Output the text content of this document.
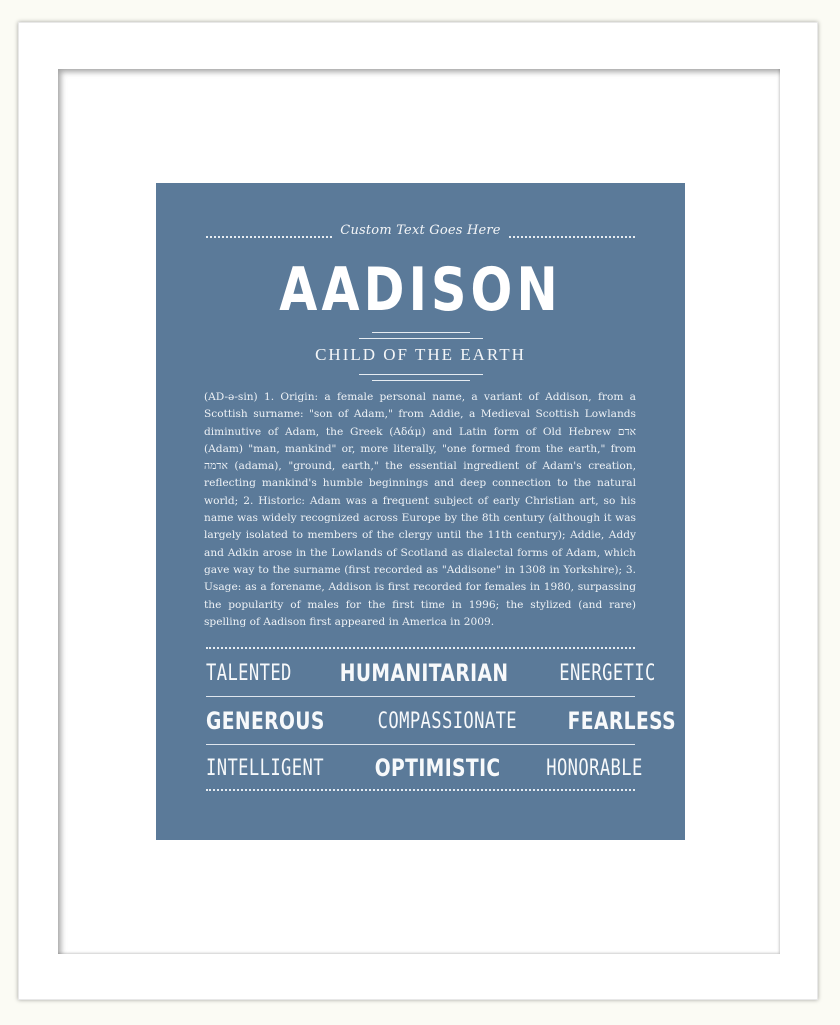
Custom Text Goes Here
AADISON
CHILD OF THE EARTH

(AD-ə-sin) 1. Origin: a female personal name, a variant of Addison, from a Scottish surname: "son of Adam," from Addie, a Medieval Scottish Lowlands diminutive of Adam, the Greek (Αδάμ) and Latin form of Old Hebrew אדם (Adam) "man, mankind" or, more literally, "one formed from the earth," from אדמה (adama), "ground, earth," the essential ingredient of Adam's creation, reflecting mankind's humble beginnings and deep connection to the natural world; 2. Historic: Adam was a frequent subject of early Christian art, so his name was widely recognized across Europe by the 8th century (although it was largely isolated to members of the clergy until the 11th century); Addie, Addy and Adkin arose in the Lowlands of Scotland as dialectal forms of Adam, which gave way to the surname (first recorded as "Addisone" in 1308 in Yorkshire); 3. Usage: as a forename, Addison is first recorded for females in 1980, surpassing the popularity of males for the first time in 1996; the stylized (and rare) spelling of Aadison first appeared in America in 2009.

TALENTED HUMANITARIAN ENERGETIC
GENEROUS COMPASSIONATE FEARLESS
INTELLIGENT OPTIMISTIC HONORABLE
